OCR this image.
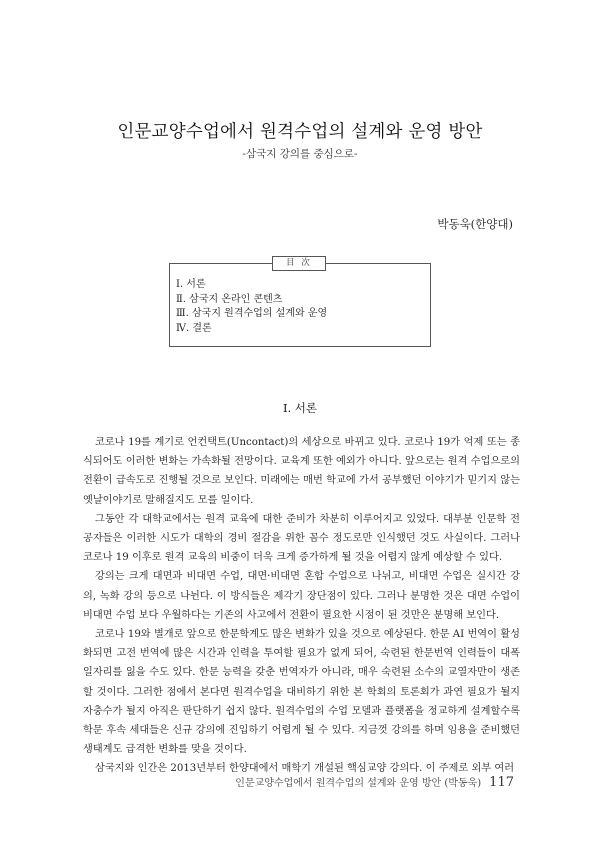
인문교양수업에서 원격수업의 설계와 운영 방안
-삼국지 강의를 중심으로-
박동욱(한양대)
目 次
Ⅰ. 서론
Ⅱ. 삼국지 온라인 콘텐츠
Ⅲ. 삼국지 원격수업의 설계와 운영
Ⅳ. 결론
Ⅰ. 서론

코로나 19를 계기로 언컨택트(Uncontact)의 세상으로 바뀌고 있다. 코로나 19가 억제 또는 종식되어도 이러한 변화는 가속화될 전망이다. 교육계 또한 예외가 아니다. 앞으로는 원격 수업으로의 전환이 급속도로 진행될 것으로 보인다. 미래에는 매번 학교에 가서 공부했던 이야기가 믿기지 않는 옛날이야기로 말해질지도 모를 일이다.

그동안 각 대학교에서는 원격 교육에 대한 준비가 차분히 이루어지고 있었다. 대부분 인문학 전공자들은 이러한 시도가 대학의 경비 절감을 위한 꼼수 정도로만 인식했던 것도 사실이다. 그러나 코로나 19 이후로 원격 교육의 비중이 더욱 크게 증가하게 될 것을 어렵지 않게 예상할 수 있다.

강의는 크게 대면과 비대면 수업, 대면·비대면 혼합 수업으로 나뉘고, 비대면 수업은 실시간 강의, 녹화 강의 등으로 나뉜다. 이 방식들은 제각기 장단점이 있다. 그러나 분명한 것은 대면 수업이 비대면 수업 보다 우월하다는 기존의 사고에서 전환이 필요한 시점이 된 것만은 분명해 보인다.

코로나 19와 별개로 앞으로 한문학계도 많은 변화가 있을 것으로 예상된다. 한문 AI 번역이 활성화되면 고전 번역에 많은 시간과 인력을 투여할 필요가 없게 되어, 숙련된 한문번역 인력들이 대폭 일자리를 잃을 수도 있다. 한문 능력을 갖춘 번역자가 아니라, 매우 숙련된 소수의 교열자만이 생존할 것이다. 그러한 점에서 본다면 원격수업을 대비하기 위한 본 학회의 토론회가 과연 필요가 될지 자충수가 될지 아직은 판단하기 쉽지 않다. 원격수업의 수업 모델과 플랫폼을 정교하게 설계할수록 학문 후속 세대들은 신규 강의에 진입하기 어렵게 될 수 있다. 지금껏 강의를 하며 임용을 준비했던 생태계도 급격한 변화를 맞을 것이다.

삼국지와 인간은 2013년부터 한양대에서 매학기 개설된 핵심교양 강의다. 이 주제로 외부 여러

인문교양수업에서 원격수업의 설계와 운영 방안 (박동욱) 117
